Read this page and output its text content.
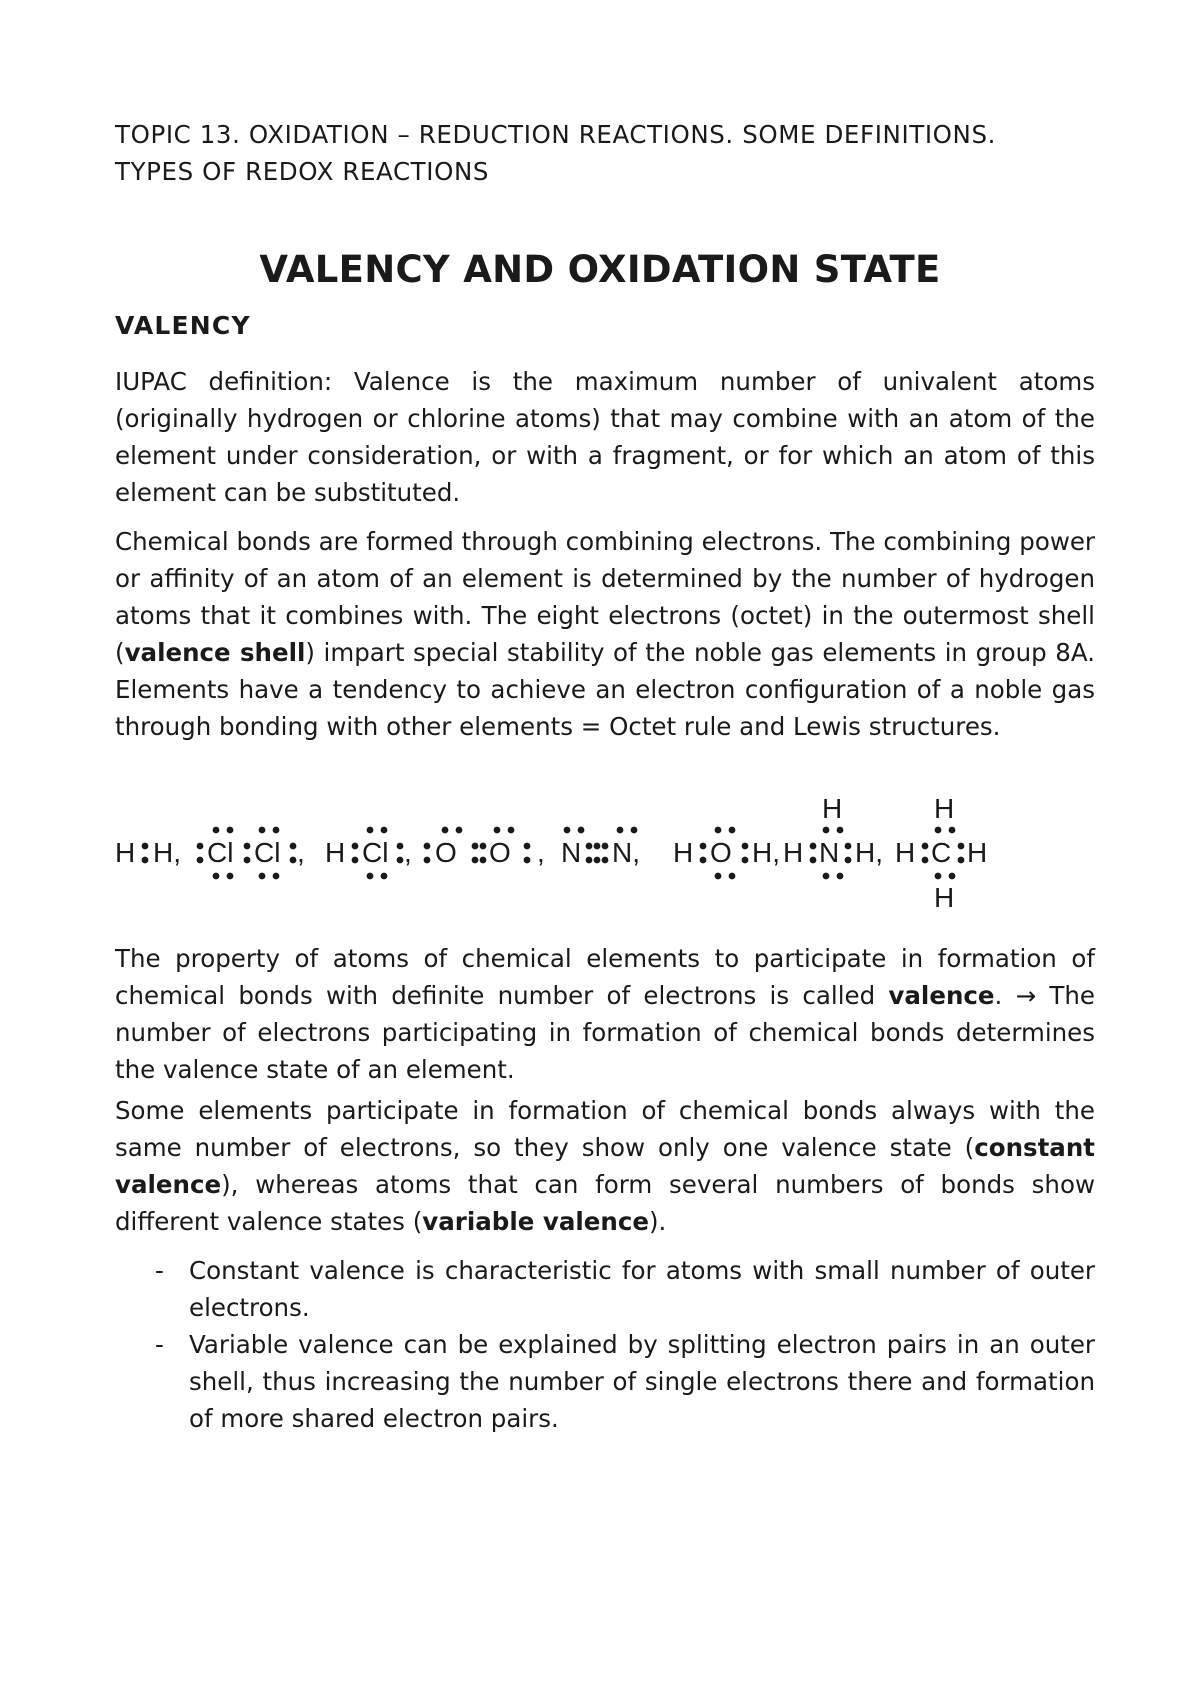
TOPIC 13. OXIDATION – REDUCTION REACTIONS. SOME DEFINITIONS.
TYPES OF REDOX REACTIONS
VALENCY AND OXIDATION STATE
VALENCY

IUPAC definition: Valence is the maximum number of univalent atoms (originally hydrogen or chlorine atoms) that may combine with an atom of the element under consideration, or with a fragment, or for which an atom of this element can be substituted.

Chemical bonds are formed through combining electrons. The combining power or affinity of an atom of an element is determined by the number of hydrogen atoms that it combines with. The eight electrons (octet) in the outermost shell (valence shell) impart special stability of the noble gas elements in group 8A. Elements have a tendency to achieve an electron configuration of a noble gas through bonding with other elements = Octet rule and Lewis structures.

H H, Cl Cl , H Cl , O O , N N, H O H,
H
H N H,
H
H C H
H

The property of atoms of chemical elements to participate in formation of chemical bonds with definite number of electrons is called valence. → The number of electrons participating in formation of chemical bonds determines the valence state of an element.

Some elements participate in formation of chemical bonds always with the same number of electrons, so they show only one valence state (constant valence), whereas atoms that can form several numbers of bonds show different valence states (variable valence).

- Constant valence is characteristic for atoms with small number of outer electrons.
- Variable valence can be explained by splitting electron pairs in an outer shell, thus increasing the number of single electrons there and formation of more shared electron pairs.
